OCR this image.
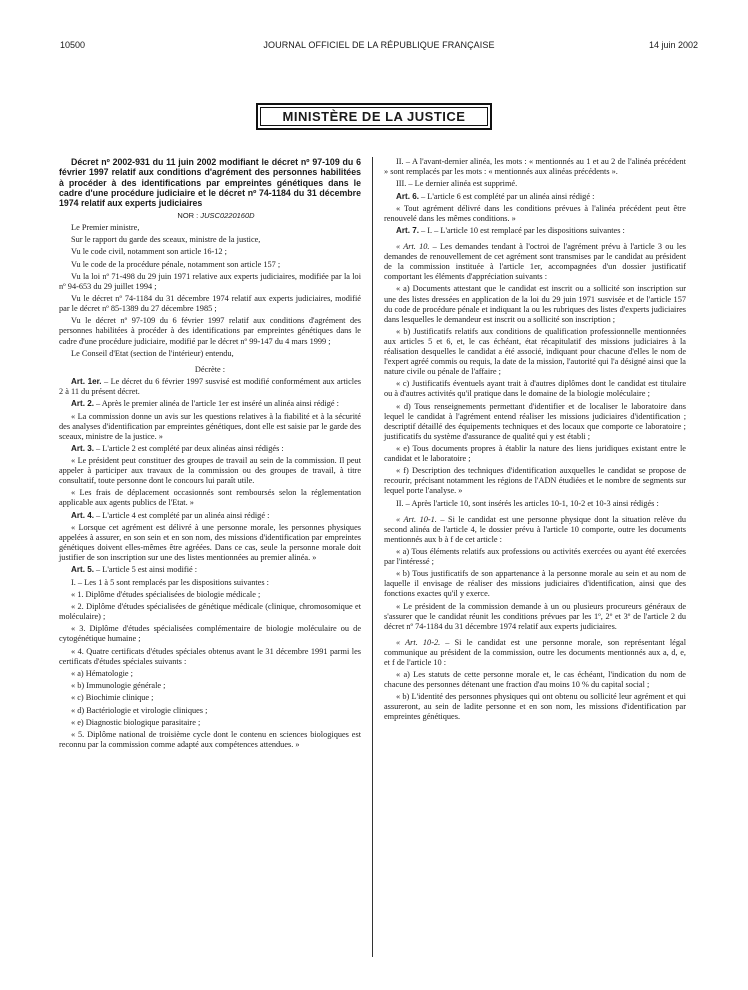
10500	JOURNAL OFFICIEL DE LA RÉPUBLIQUE FRANÇAISE	14 juin 2002
MINISTÈRE DE LA JUSTICE

Décret nº 2002-931 du 11 juin 2002 modifiant le décret nº 97-109 du 6 février 1997 relatif aux conditions d'agrément des personnes habilitées à procéder à des identifications par empreintes génétiques dans le cadre d'une procédure judiciaire et le décret nº 74-1184 du 31 décembre 1974 relatif aux experts judiciaires

NOR : JUSC0220160D

Le Premier ministre,

Sur le rapport du garde des sceaux, ministre de la justice,

Vu le code civil, notamment son article 16-12 ;

Vu le code de la procédure pénale, notamment son article 157 ;

Vu la loi nº 71-498 du 29 juin 1971 relative aux experts judiciaires, modifiée par la loi nº 94-653 du 29 juillet 1994 ;

Vu le décret nº 74-1184 du 31 décembre 1974 relatif aux experts judiciaires, modifié par le décret nº 85-1389 du 27 décembre 1985 ;

Vu le décret nº 97-109 du 6 février 1997 relatif aux conditions d'agrément des personnes habilitées à procéder à des identifications par empreintes génétiques dans le cadre d'une procédure judiciaire, modifié par le décret nº 99-147 du 4 mars 1999 ;

Le Conseil d'Etat (section de l'intérieur) entendu,

Décrète :

Art. 1er. – Le décret du 6 février 1997 susvisé est modifié conformément aux articles 2 à 11 du présent décret.

Art. 2. – Après le premier alinéa de l'article 1er est inséré un alinéa ainsi rédigé :

« La commission donne un avis sur les questions relatives à la fiabilité et à la sécurité des analyses d'identification par empreintes génétiques, dont elle est saisie par le garde des sceaux, ministre de la justice. »

Art. 3. – L'article 2 est complété par deux alinéas ainsi rédigés :

« Le président peut constituer des groupes de travail au sein de la commission. Il peut appeler à participer aux travaux de la commission ou des groupes de travail, à titre consultatif, toute personne dont le concours lui paraît utile.

« Les frais de déplacement occasionnés sont remboursés selon la réglementation applicable aux agents publics de l'Etat. »

Art. 4. – L'article 4 est complété par un alinéa ainsi rédigé :

« Lorsque cet agrément est délivré à une personne morale, les personnes physiques appelées à assurer, en son sein et en son nom, des missions d'identification par empreintes génétiques doivent elles-mêmes être agréées. Dans ce cas, seule la personne morale doit justifier de son inscription sur une des listes mentionnées au premier alinéa. »

Art. 5. – L'article 5 est ainsi modifié :

I. – Les 1 à 5 sont remplacés par les dispositions suivantes :

« 1. Diplôme d'études spécialisées de biologie médicale ;

« 2. Diplôme d'études spécialisées de génétique médicale (clinique, chromosomique et moléculaire) ;

« 3. Diplôme d'études spécialisées complémentaire de biologie moléculaire ou de cytogénétique humaine ;

« 4. Quatre certificats d'études spéciales obtenus avant le 31 décembre 1991 parmi les certificats d'études spéciales suivants :

« a) Hématologie ;

« b) Immunologie générale ;

« c) Biochimie clinique ;

« d) Bactériologie et virologie cliniques ;

« e) Diagnostic biologique parasitaire ;

« 5. Diplôme national de troisième cycle dont le contenu en sciences biologiques est reconnu par la commission comme adapté aux compétences attendues. »

II. – A l'avant-dernier alinéa, les mots : « mentionnés au 1 et au 2 de l'alinéa précédent » sont remplacés par les mots : « mentionnés aux alinéas précédents ».

III. – Le dernier alinéa est supprimé.

Art. 6. – L'article 6 est complété par un alinéa ainsi rédigé :

« Tout agrément délivré dans les conditions prévues à l'alinéa précédent peut être renouvelé dans les mêmes conditions. »

Art. 7. – I. – L'article 10 est remplacé par les dispositions suivantes :

« Art. 10. – Les demandes tendant à l'octroi de l'agrément prévu à l'article 3 ou les demandes de renouvellement de cet agrément sont transmises par le candidat au président de la commission instituée à l'article 1er, accompagnées d'un dossier justificatif comportant les éléments d'appréciation suivants :

« a) Documents attestant que le candidat est inscrit ou a sollicité son inscription sur une des listes dressées en application de la loi du 29 juin 1971 susvisée et de l'article 157 du code de procédure pénale et indiquant la ou les rubriques des listes d'experts judiciaires dans lesquelles le demandeur est inscrit ou a sollicité son inscription ;

« b) Justificatifs relatifs aux conditions de qualification professionnelle mentionnées aux articles 5 et 6, et, le cas échéant, état récapitulatif des missions judiciaires à la réalisation desquelles le candidat a été associé, indiquant pour chacune d'elles le nom de l'expert agréé commis ou requis, la date de la mission, l'autorité qui l'a désigné ainsi que la nature civile ou pénale de l'affaire ;

« c) Justificatifs éventuels ayant trait à d'autres diplômes dont le candidat est titulaire ou à d'autres activités qu'il pratique dans le domaine de la biologie moléculaire ;

« d) Tous renseignements permettant d'identifier et de localiser le laboratoire dans lequel le candidat à l'agrément entend réaliser les missions judiciaires d'identification ; descriptif détaillé des équipements techniques et des locaux que comporte ce laboratoire ; justificatifs du système d'assurance de qualité qui y est établi ;

« e) Tous documents propres à établir la nature des liens juridiques existant entre le candidat et le laboratoire ;

« f) Description des techniques d'identification auxquelles le candidat se propose de recourir, précisant notamment les régions de l'ADN étudiées et le nombre de segments sur lequel porte l'analyse. »

II. – Après l'article 10, sont insérés les articles 10-1, 10-2 et 10-3 ainsi rédigés :

« Art. 10-1. – Si le candidat est une personne physique dont la situation relève du second alinéa de l'article 4, le dossier prévu à l'article 10 comporte, outre les documents mentionnés aux b à f de cet article :

« a) Tous éléments relatifs aux professions ou activités exercées ou ayant été exercées par l'intéressé ;

« b) Tous justificatifs de son appartenance à la personne morale au sein et au nom de laquelle il envisage de réaliser des missions judiciaires d'identification, ainsi que des fonctions exactes qu'il y exerce.

« Le président de la commission demande à un ou plusieurs procureurs généraux de s'assurer que le candidat réunit les conditions prévues par les 1º, 2º et 3º de l'article 2 du décret nº 74-1184 du 31 décembre 1974 relatif aux experts judiciaires.

« Art. 10-2. – Si le candidat est une personne morale, son représentant légal communique au président de la commission, outre les documents mentionnés aux a, d, e, et f de l'article 10 :

« a) Les statuts de cette personne morale et, le cas échéant, l'indication du nom de chacune des personnes détenant une fraction d'au moins 10 % du capital social ;

« b) L'identité des personnes physiques qui ont obtenu ou sollicité leur agrément et qui assureront, au sein de ladite personne et en son nom, les missions d'identification par empreintes génétiques.
